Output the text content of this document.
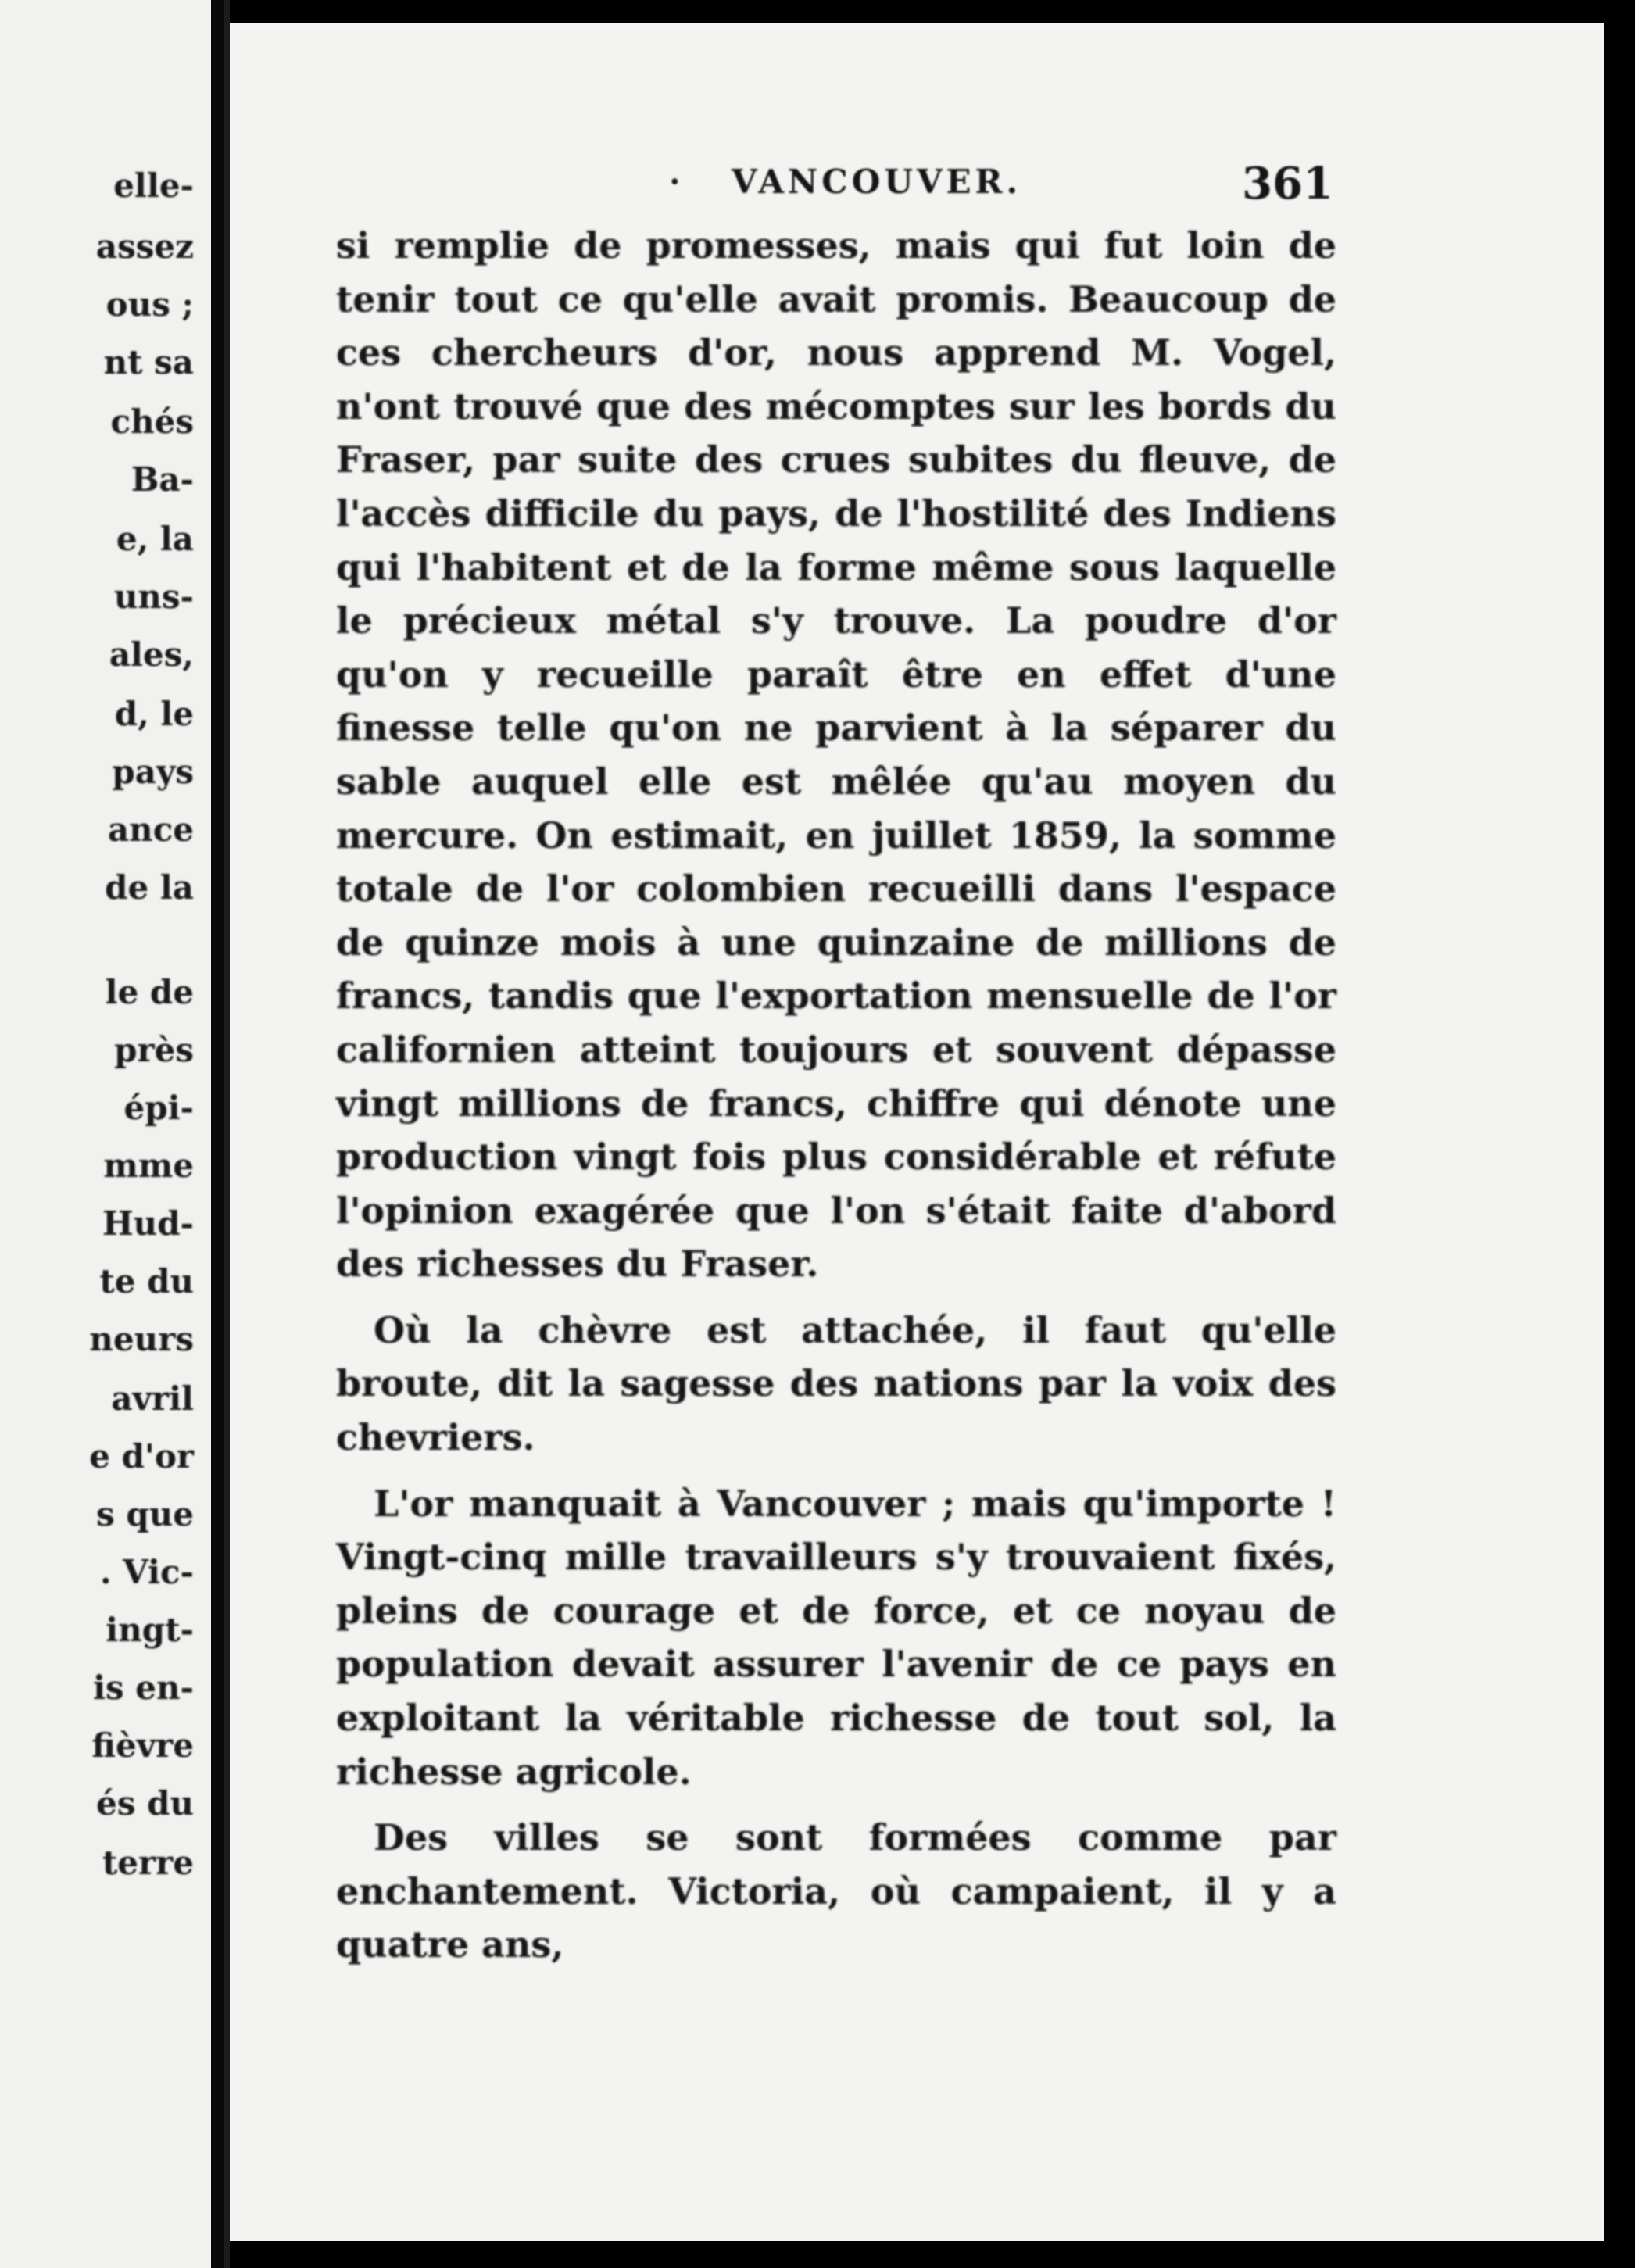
elle-
assez
ous ;
nt sa
chés
Ba-
e, la
uns-
ales,
d, le
pays
ance
de la
le de
près
épi-
mme
Hud-
te du
neurs
avril
e d'or
s que
. Vic-
ingt-
is en-
fièvre
és du
terre
· VANCOUVER.	361

si remplie de promesses, mais qui fut loin de tenir tout ce qu'elle avait promis. Beaucoup de ces chercheurs d'or, nous apprend M. Vogel, n'ont trouvé que des mécomptes sur les bords du Fraser, par suite des crues subites du fleuve, de l'accès difficile du pays, de l'hostilité des Indiens qui l'habitent et de la forme même sous laquelle le précieux métal s'y trouve. La poudre d'or qu'on y recueille paraît être en effet d'une finesse telle qu'on ne parvient à la séparer du sable auquel elle est mêlée qu'au moyen du mercure. On estimait, en juillet 1859, la somme totale de l'or colombien recueilli dans l'espace de quinze mois à une quinzaine de millions de francs, tandis que l'exportation mensuelle de l'or californien atteint toujours et souvent dépasse vingt millions de francs, chiffre qui dénote une production vingt fois plus considérable et réfute l'opinion exagérée que l'on s'était faite d'abord des richesses du Fraser.

Où la chèvre est attachée, il faut qu'elle broute, dit la sagesse des nations par la voix des chevriers.

L'or manquait à Vancouver ; mais qu'importe ! Vingt-cinq mille travailleurs s'y trouvaient fixés, pleins de courage et de force, et ce noyau de population devait assurer l'avenir de ce pays en exploitant la véritable richesse de tout sol, la richesse agricole.

Des villes se sont formées comme par enchantement. Victoria, où campaient, il y a quatre ans,
